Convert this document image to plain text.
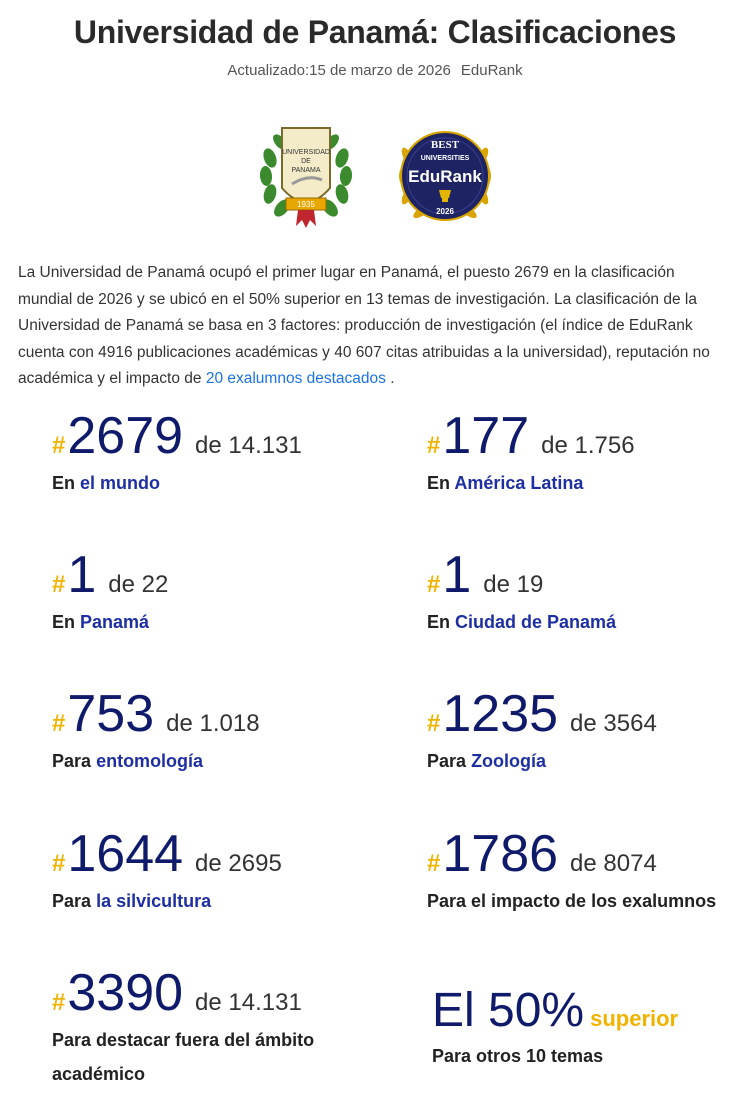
Universidad de Panamá: Clasificaciones
Actualizado:15 de marzo de 2026 EduRank
UNIVERSIDAD
DE
PANAMA
1935
BEST
UNIVERSITIES
EduRank
2026

La Universidad de Panamá ocupó el primer lugar en Panamá, el puesto 2679 en la clasificación mundial de 2026 y se ubicó en el 50% superior en 13 temas de investigación. La clasificación de la Universidad de Panamá se basa en 3 factores: producción de investigación (el índice de EduRank cuenta con 4916 publicaciones académicas y 40 607 citas atribuidas a la universidad), reputación no académica y el impacto de 20 exalumnos destacados .

# 2679 de 14.131
En el mundo
# 177 de 1.756
En América Latina
# 1 de 22
En Panamá
# 1 de 19
En Ciudad de Panamá
# 753 de 1.018
Para entomología
# 1235 de 3564
Para Zoología
# 1644 de 2695
Para la silvicultura
# 1786 de 8074
Para el impacto de los exalumnos
# 3390 de 14.131
Para destacar fuera del ámbito académico
El 50% superior
Para otros 10 temas
